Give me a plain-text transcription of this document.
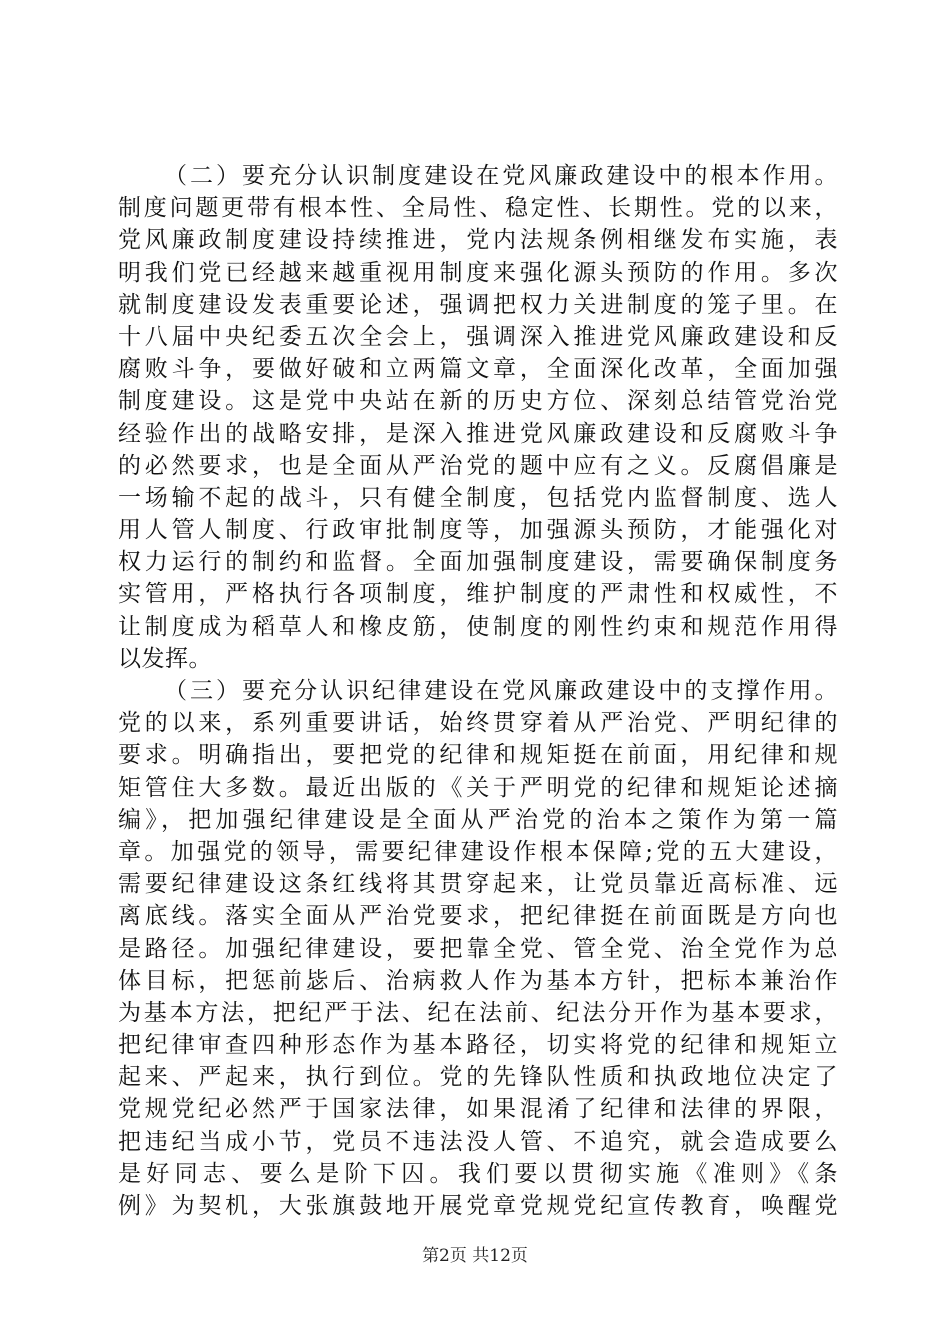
（二）要充分认识制度建设在党风廉政建设中的根本作用。
制度问题更带有根本性、全局性、稳定性、长期性。党的以来，
党风廉政制度建设持续推进，党内法规条例相继发布实施，表
明我们党已经越来越重视用制度来强化源头预防的作用。多次
就制度建设发表重要论述，强调把权力关进制度的笼子里。在
十八届中央纪委五次全会上，强调深入推进党风廉政建设和反
腐败斗争，要做好破和立两篇文章，全面深化改革，全面加强
制度建设。这是党中央站在新的历史方位、深刻总结管党治党
经验作出的战略安排，是深入推进党风廉政建设和反腐败斗争
的必然要求，也是全面从严治党的题中应有之义。反腐倡廉是
一场输不起的战斗，只有健全制度，包括党内监督制度、选人
用人管人制度、行政审批制度等，加强源头预防，才能强化对
权力运行的制约和监督。全面加强制度建设，需要确保制度务
实管用，严格执行各项制度，维护制度的严肃性和权威性，不
让制度成为稻草人和橡皮筋，使制度的刚性约束和规范作用得
以发挥。
（三）要充分认识纪律建设在党风廉政建设中的支撑作用。
党的以来，系列重要讲话，始终贯穿着从严治党、严明纪律的
要求。明确指出，要把党的纪律和规矩挺在前面，用纪律和规
矩管住大多数。最近出版的《关于严明党的纪律和规矩论述摘
编》，把加强纪律建设是全面从严治党的治本之策作为第一篇
章。加强党的领导，需要纪律建设作根本保障;党的五大建设，
需要纪律建设这条红线将其贯穿起来，让党员靠近高标准、远
离底线。落实全面从严治党要求，把纪律挺在前面既是方向也
是路径。加强纪律建设，要把靠全党、管全党、治全党作为总
体目标，把惩前毖后、治病救人作为基本方针，把标本兼治作
为基本方法，把纪严于法、纪在法前、纪法分开作为基本要求，
把纪律审查四种形态作为基本路径，切实将党的纪律和规矩立
起来、严起来，执行到位。党的先锋队性质和执政地位决定了
党规党纪必然严于国家法律，如果混淆了纪律和法律的界限，
把违纪当成小节，党员不违法没人管、不追究，就会造成要么
是好同志、要么是阶下囚。我们要以贯彻实施《准则》《条
例》为契机，大张旗鼓地开展党章党规党纪宣传教育，唤醒党
第2页 共12页
